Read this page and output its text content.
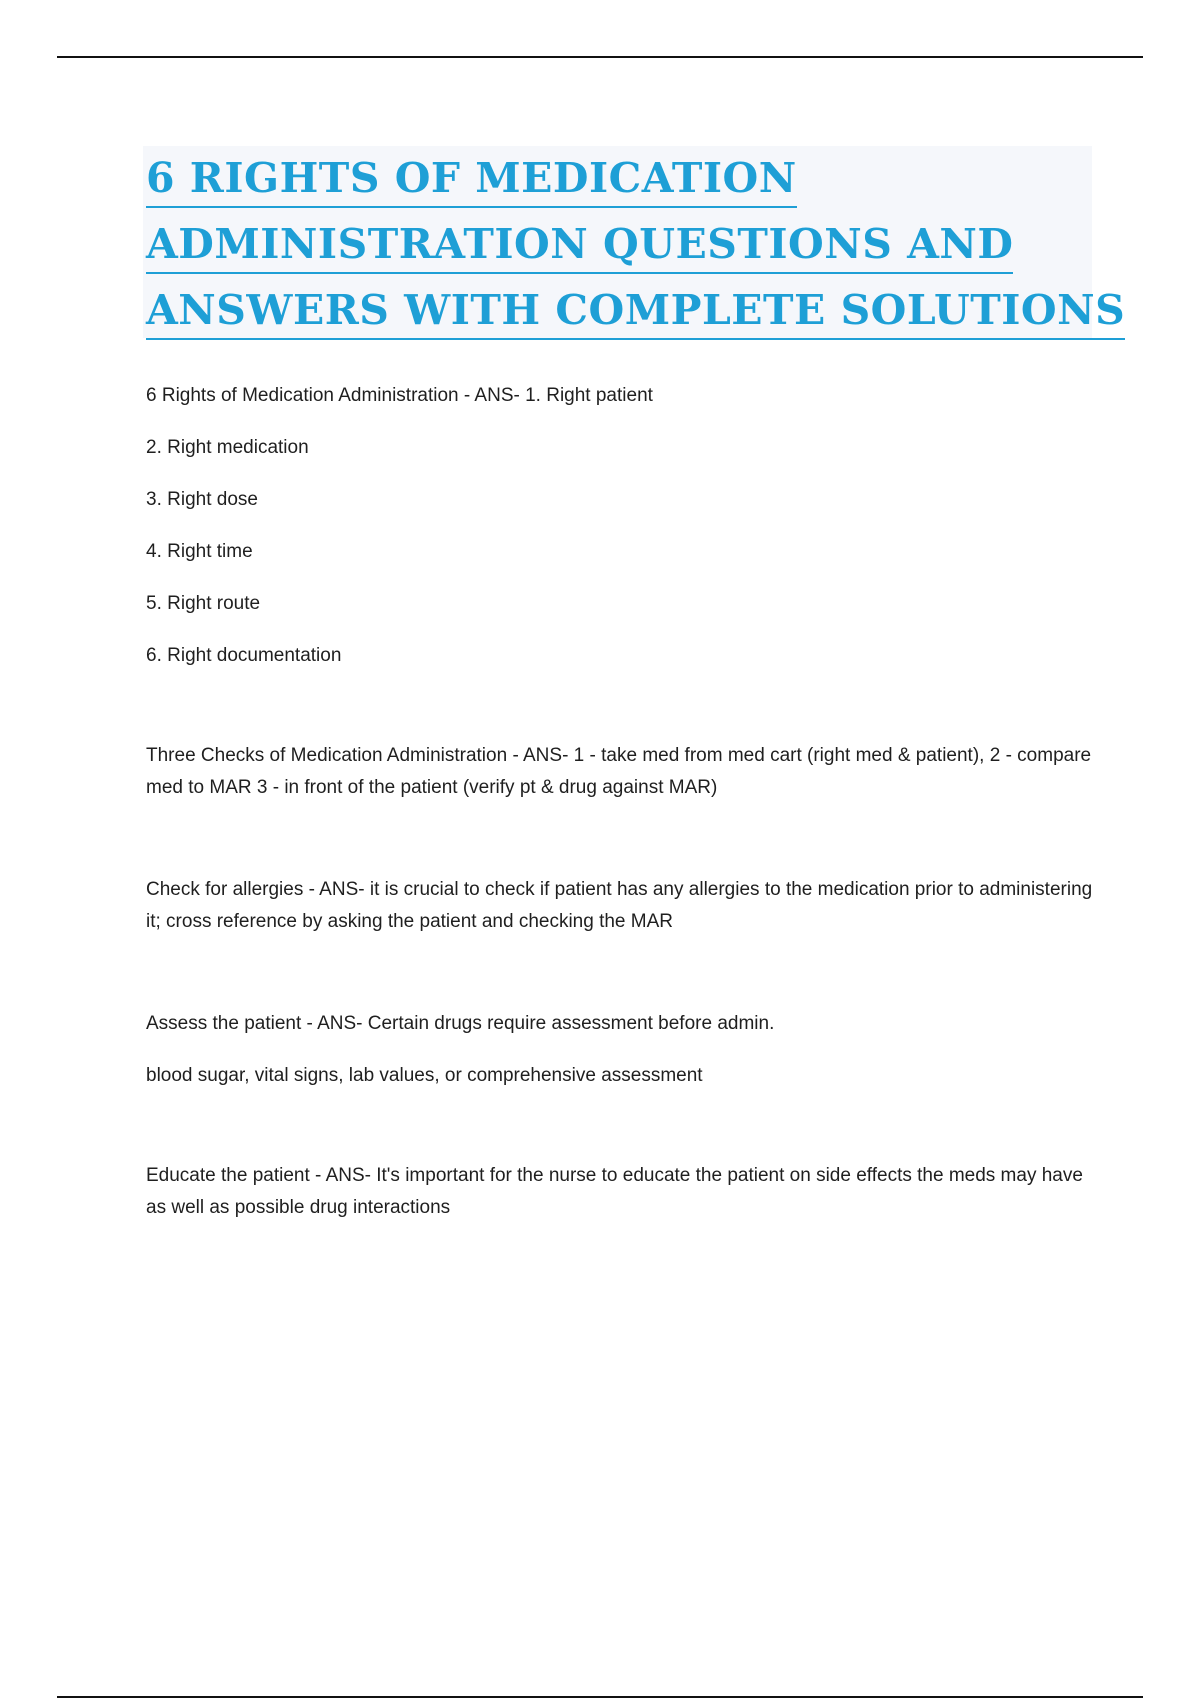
6 RIGHTS OF MEDICATION
ADMINISTRATION QUESTIONS AND
ANSWERS WITH COMPLETE SOLUTIONS

6 Rights of Medication Administration - ANS- 1. Right patient

2. Right medication

3. Right dose

4. Right time

5. Right route

6. Right documentation

Three Checks of Medication Administration - ANS- 1 - take med from med cart (right med & patient), 2 - compare med to MAR 3 - in front of the patient (verify pt & drug against MAR)

Check for allergies - ANS- it is crucial to check if patient has any allergies to the medication prior to administering it; cross reference by asking the patient and checking the MAR

Assess the patient - ANS- Certain drugs require assessment before admin.

blood sugar, vital signs, lab values, or comprehensive assessment

Educate the patient - ANS- It's important for the nurse to educate the patient on side effects the meds may have as well as possible drug interactions
